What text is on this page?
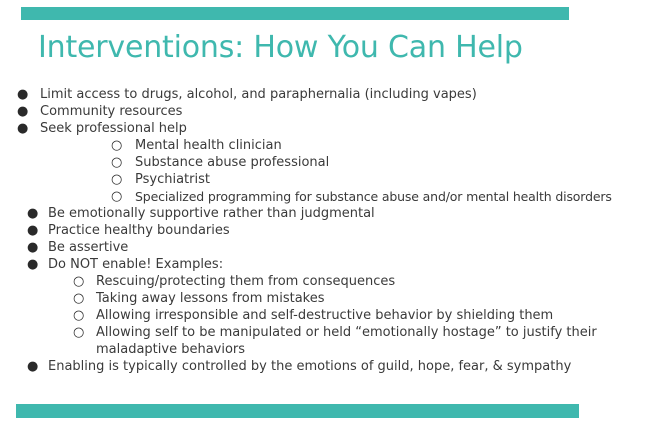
Interventions: How You Can Help
● Limit access to drugs, alcohol, and paraphernalia (including vapes)
● Community resources
● Seek professional help
○ Mental health clinician
○ Substance abuse professional
○ Psychiatrist
○ Specialized programming for substance abuse and/or mental health disorders
● Be emotionally supportive rather than judgmental
● Practice healthy boundaries
● Be assertive
● Do NOT enable! Examples:
○ Rescuing/protecting them from consequences
○ Taking away lessons from mistakes
○ Allowing irresponsible and self-destructive behavior by shielding them
○ Allowing self to be manipulated or held “emotionally hostage” to justify their
maladaptive behaviors
● Enabling is typically controlled by the emotions of guild, hope, fear, & sympathy
